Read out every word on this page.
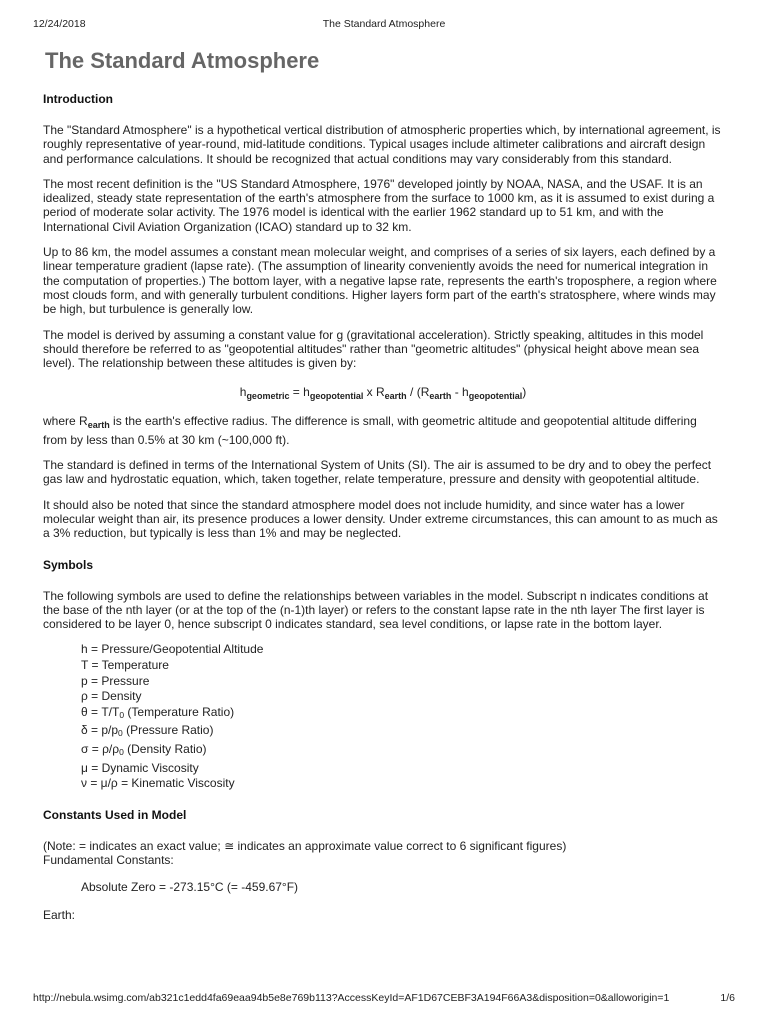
12/24/2018	The Standard Atmosphere
The Standard Atmosphere
Introduction

The "Standard Atmosphere" is a hypothetical vertical distribution of atmospheric properties which, by international agreement, is roughly representative of year-round, mid-latitude conditions. Typical usages include altimeter calibrations and aircraft design and performance calculations. It should be recognized that actual conditions may vary considerably from this standard.

The most recent definition is the "US Standard Atmosphere, 1976" developed jointly by NOAA, NASA, and the USAF. It is an idealized, steady state representation of the earth's atmosphere from the surface to 1000 km, as it is assumed to exist during a period of moderate solar activity. The 1976 model is identical with the earlier 1962 standard up to 51 km, and with the International Civil Aviation Organization (ICAO) standard up to 32 km.

Up to 86 km, the model assumes a constant mean molecular weight, and comprises of a series of six layers, each defined by a linear temperature gradient (lapse rate). (The assumption of linearity conveniently avoids the need for numerical integration in the computation of properties.) The bottom layer, with a negative lapse rate, represents the earth's troposphere, a region where most clouds form, and with generally turbulent conditions. Higher layers form part of the earth's stratosphere, where winds may be high, but turbulence is generally low.

The model is derived by assuming a constant value for g (gravitational acceleration). Strictly speaking, altitudes in this model should therefore be referred to as "geopotential altitudes" rather than "geometric altitudes" (physical height above mean sea level). The relationship between these altitudes is given by:

$h_{geometric} = h_{geopotential}$ x $R_{earth} / (R_{earth} - h_{geopotential})$

where $R_{earth}$ is the earth's effective radius. The difference is small, with geometric altitude and geopotential altitude differing from by less than 0.5% at 30 km (~100,000 ft).

The standard is defined in terms of the International System of Units (SI). The air is assumed to be dry and to obey the perfect gas law and hydrostatic equation, which, taken together, relate temperature, pressure and density with geopotential altitude.

It should also be noted that since the standard atmosphere model does not include humidity, and since water has a lower molecular weight than air, its presence produces a lower density. Under extreme circumstances, this can amount to as much as a 3% reduction, but typically is less than 1% and may be neglected.

Symbols

The following symbols are used to define the relationships between variables in the model. Subscript n indicates conditions at the base of the nth layer (or at the top of the (n-1)th layer) or refers to the constant lapse rate in the nth layer The first layer is considered to be layer 0, hence subscript 0 indicates standard, sea level conditions, or lapse rate in the bottom layer.

h = Pressure/Geopotential Altitude
T = Temperature
p = Pressure
ρ = Density
$\theta = T/T_0$ (Temperature Ratio)
$\delta = p/p_0$ (Pressure Ratio)
$\sigma = \rho/\rho_0$ (Density Ratio)
μ = Dynamic Viscosity
ν = μ/ρ = Kinematic Viscosity
Constants Used in Model

(Note: = indicates an exact value; ≅ indicates an approximate value correct to 6 significant figures)

Fundamental Constants:

Absolute Zero = -273.15°C (= -459.67°F)

Earth:

http://nebula.wsimg.com/ab321c1edd4fa69eaa94b5e8e769b113?AccessKeyId=AF1D67CEBF3A194F66A3&disposition=0&alloworigin=1	1/6
